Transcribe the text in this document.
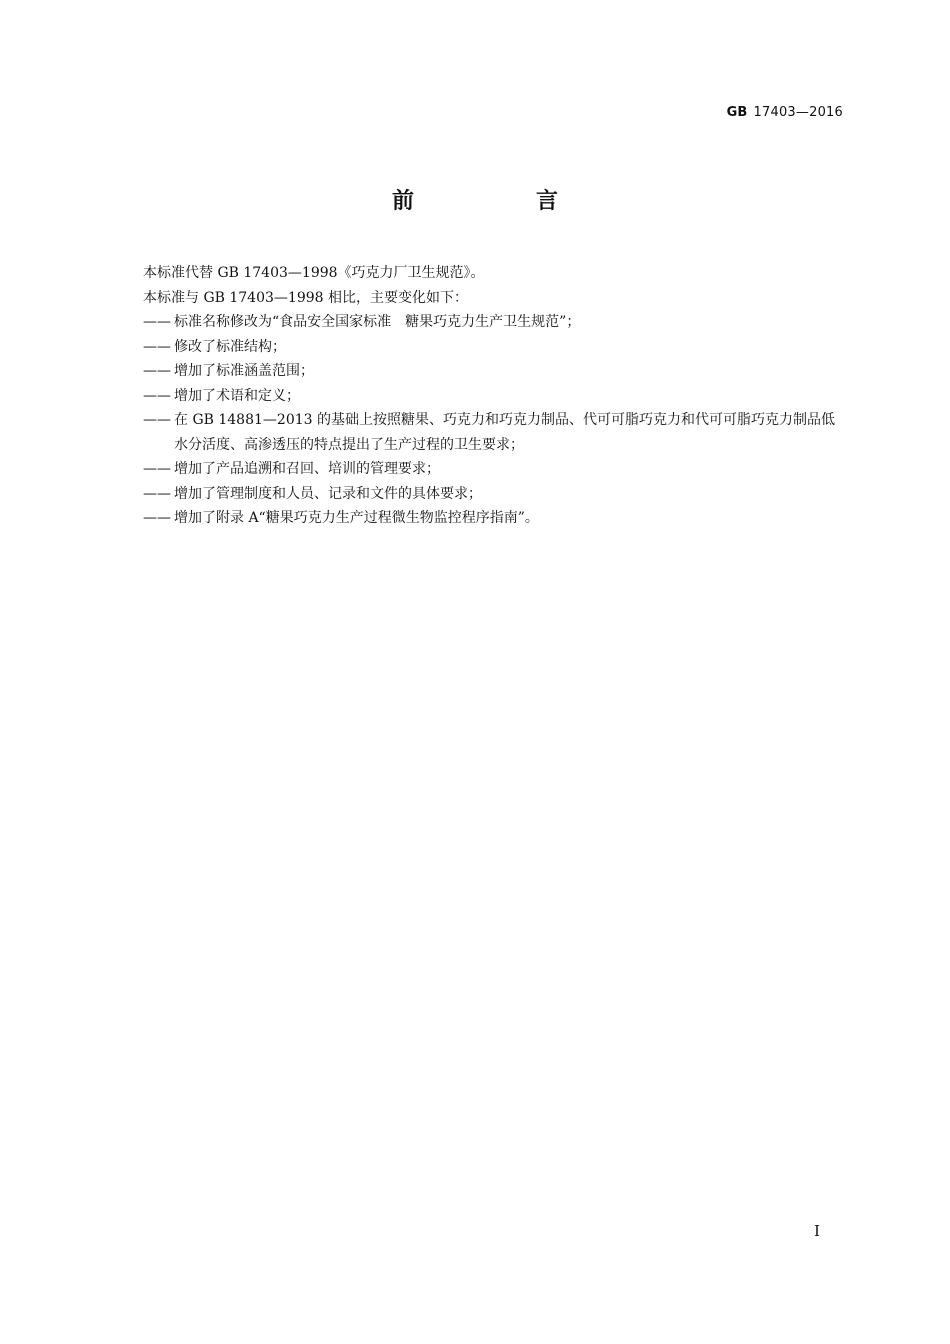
GB 17403—2016
前　言

本标准代替 GB 17403—1998《巧克力厂卫生规范》。

本标准与 GB 17403—1998 相比，主要变化如下：

—— 标准名称修改为“食品安全国家标准　糖果巧克力生产卫生规范”；
—— 修改了标准结构；
—— 增加了标准涵盖范围；
—— 增加了术语和定义；
—— 在 GB 14881—2013 的基础上按照糖果、巧克力和巧克力制品、代可可脂巧克力和代可可脂巧克力制品低水分活度、高渗透压的特点提出了生产过程的卫生要求；
—— 增加了产品追溯和召回、培训的管理要求；
—— 增加了管理制度和人员、记录和文件的具体要求；
—— 增加了附录 A“糖果巧克力生产过程微生物监控程序指南”。
I
